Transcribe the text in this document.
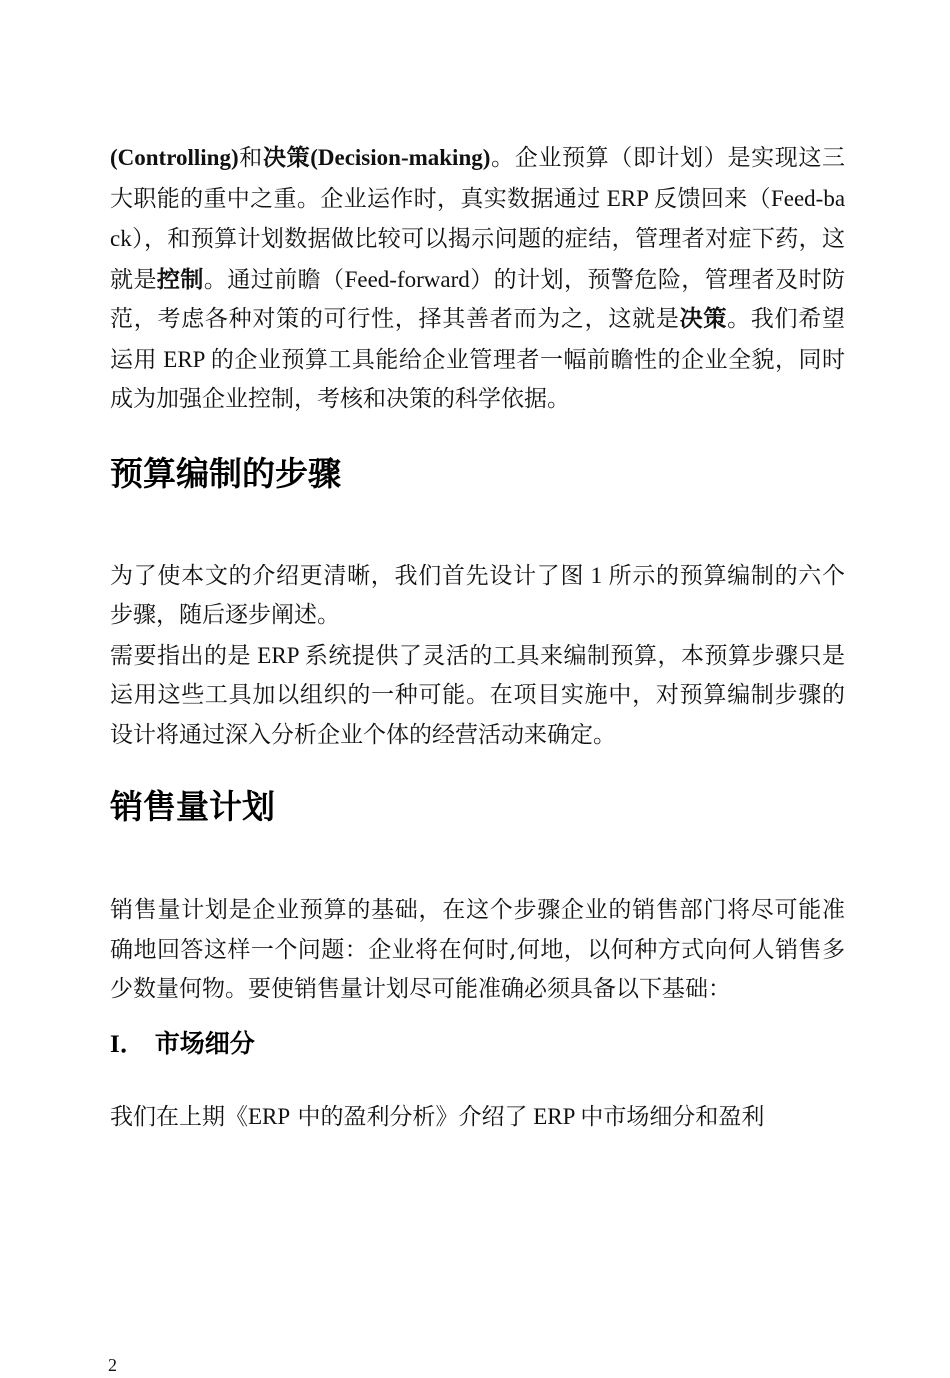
(Controlling)和决策(Decision-making)。企业预算（即计划）是实现这三大职能的重中之重。企业运作时，真实数据通过 ERP 反馈回来（Feed-back），和预算计划数据做比较可以揭示问题的症结，管理者对症下药，这就是控制。通过前瞻（Feed-forward）的计划，预警危险，管理者及时防范，考虑各种对策的可行性，择其善者而为之，这就是决策。我们希望运用 ERP 的企业预算工具能给企业管理者一幅前瞻性的企业全貌，同时成为加强企业控制，考核和决策的科学依据。

预算编制的步骤

为了使本文的介绍更清晰，我们首先设计了图 1 所示的预算编制的六个步骤，随后逐步阐述。

需要指出的是 ERP 系统提供了灵活的工具来编制预算，本预算步骤只是运用这些工具加以组织的一种可能。在项目实施中，对预算编制步骤的设计将通过深入分析企业个体的经营活动来确定。

销售量计划

销售量计划是企业预算的基础，在这个步骤企业的销售部门将尽可能准确地回答这样一个问题：企业将在何时,何地，以何种方式向何人销售多少数量何物。要使销售量计划尽可能准确必须具备以下基础：

I． 市场细分

我们在上期《ERP 中的盈利分析》介绍了 ERP 中市场细分和盈利

2
